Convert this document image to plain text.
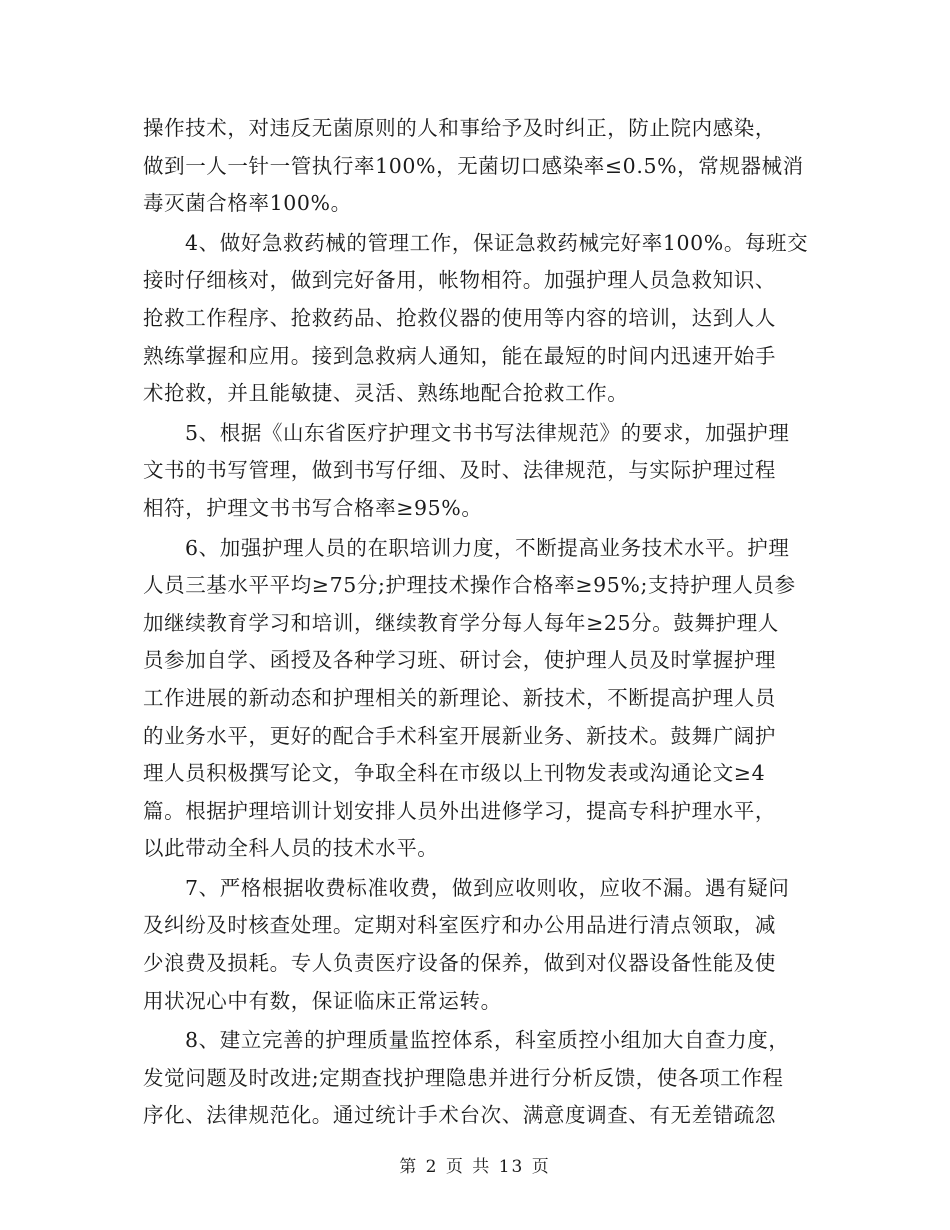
操作技术，对违反无菌原则的人和事给予及时纠正，防止院内感染，
做到一人一针一管执行率100%，无菌切口感染率≤0.5%，常规器械消
毒灭菌合格率100%。

4、做好急救药械的管理工作，保证急救药械完好率100%。每班交
接时仔细核对，做到完好备用，帐物相符。加强护理人员急救知识、
抢救工作程序、抢救药品、抢救仪器的使用等内容的培训，达到人人
熟练掌握和应用。接到急救病人通知，能在最短的时间内迅速开始手
术抢救，并且能敏捷、灵活、熟练地配合抢救工作。

5、根据《山东省医疗护理文书书写法律规范》的要求，加强护理
文书的书写管理，做到书写仔细、及时、法律规范，与实际护理过程
相符，护理文书书写合格率≥95%。

6、加强护理人员的在职培训力度，不断提高业务技术水平。护理
人员三基水平平均≥75分;护理技术操作合格率≥95%;支持护理人员参
加继续教育学习和培训，继续教育学分每人每年≥25分。鼓舞护理人
员参加自学、函授及各种学习班、研讨会，使护理人员及时掌握护理
工作进展的新动态和护理相关的新理论、新技术，不断提高护理人员
的业务水平，更好的配合手术科室开展新业务、新技术。鼓舞广阔护
理人员积极撰写论文，争取全科在市级以上刊物发表或沟通论文≥4
篇。根据护理培训计划安排人员外出进修学习，提高专科护理水平，
以此带动全科人员的技术水平。

7、严格根据收费标准收费，做到应收则收，应收不漏。遇有疑问
及纠纷及时核查处理。定期对科室医疗和办公用品进行清点领取，减
少浪费及损耗。专人负责医疗设备的保养，做到对仪器设备性能及使
用状况心中有数，保证临床正常运转。

8、建立完善的护理质量监控体系，科室质控小组加大自查力度，
发觉问题及时改进;定期查找护理隐患并进行分析反馈，使各项工作程
序化、法律规范化。通过统计手术台次、满意度调查、有无差错疏忽

第 2 页 共 13 页
